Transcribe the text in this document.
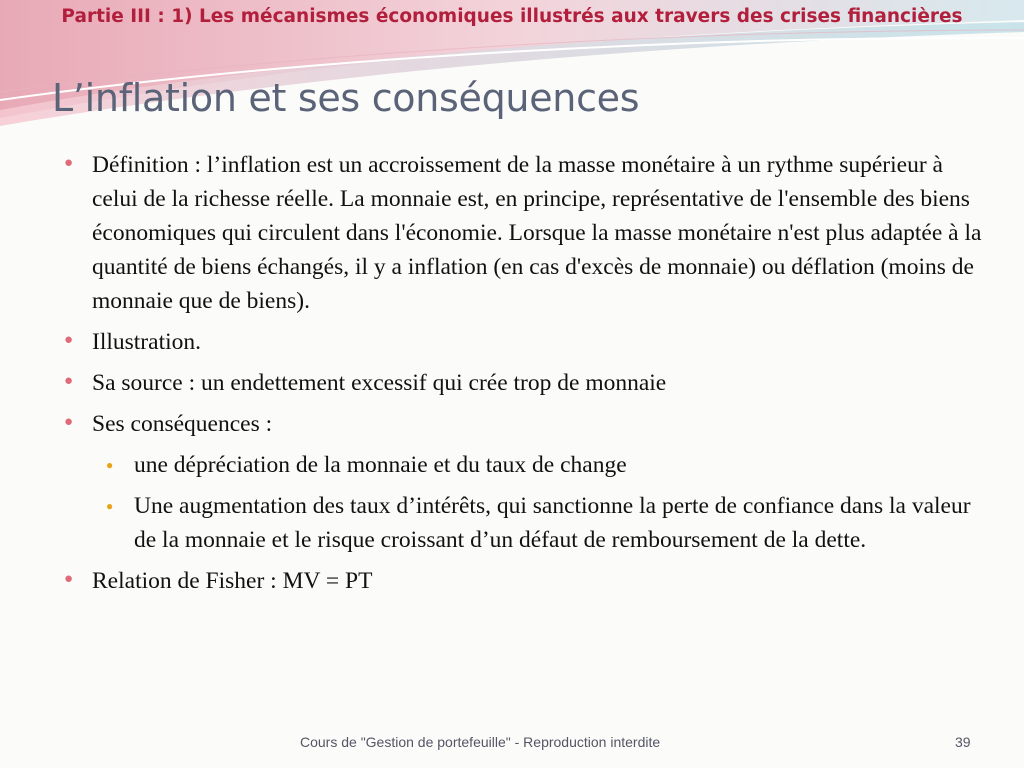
Partie III : 1) Les mécanismes économiques illustrés aux travers des crises financières
L’inflation et ses conséquences
● Définition : l’inflation est un accroissement de la masse monétaire à un rythme supérieur à celui de la richesse réelle. La monnaie est, en principe, représentative de l'ensemble des biens économiques qui circulent dans l'économie. Lorsque la masse monétaire n'est plus adaptée à la quantité de biens échangés, il y a inflation (en cas d'excès de monnaie) ou déflation (moins de monnaie que de biens).
● Illustration.
● Sa source : un endettement excessif qui crée trop de monnaie
● Ses conséquences :
● une dépréciation de la monnaie et du taux de change
● Une augmentation des taux d’intérêts, qui sanctionne la perte de confiance dans la valeur de la monnaie et le risque croissant d’un défaut de remboursement de la dette.
● Relation de Fisher : MV = PT
Cours de "Gestion de portefeuille" - Reproduction interdite	39
